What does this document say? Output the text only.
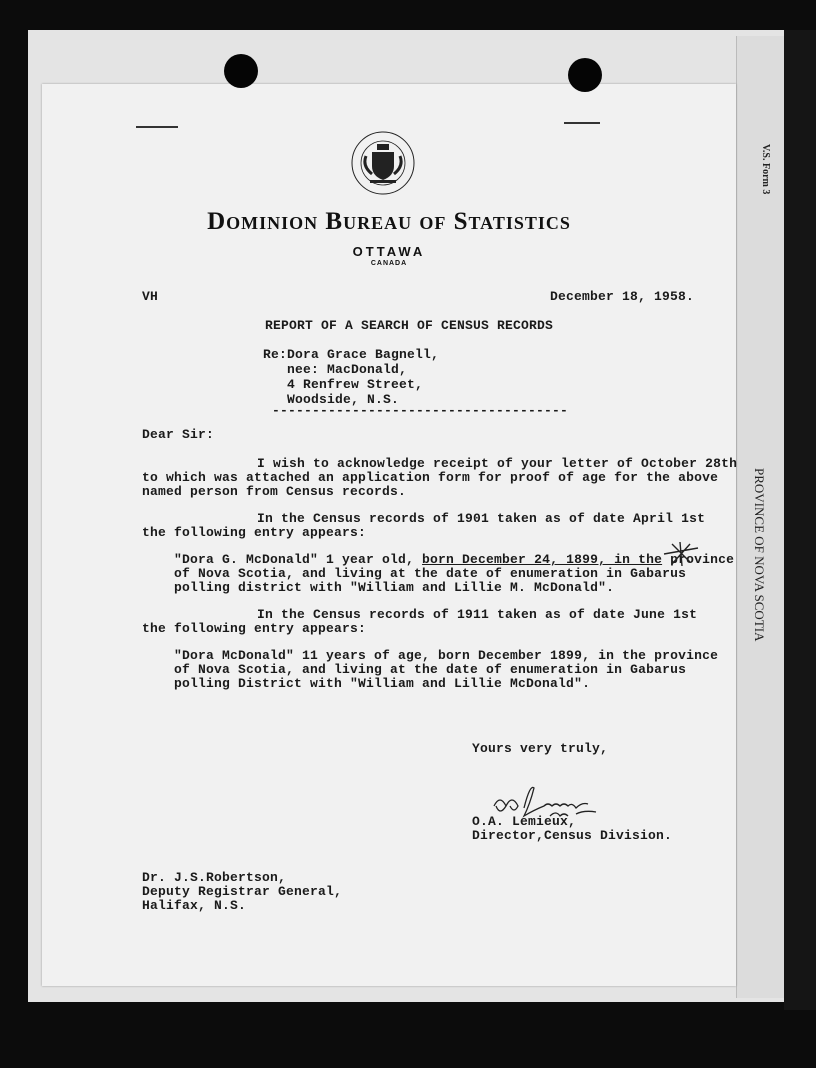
V.S. Form 3
PROVINCE OF NOVA SCOTIA
Dominion Bureau of Statistics
OTTAWA
CANADA
VH	December 18, 1958.
REPORT OF A SEARCH OF CENSUS RECORDS
Re: Dora Grace Bagnell,
nee: MacDonald,
4 Renfrew Street,
Woodside, N.S.
-------------------------------------
Dear Sir:
I wish to acknowledge receipt of your letter of October 28th
to which was attached an application form for proof of age for the above
named person from Census records.
In the Census records of 1901 taken as of date April 1st
the following entry appears:
"Dora G. McDonald" 1 year old, born December 24, 1899, in the province
of Nova Scotia, and living at the date of enumeration in Gabarus
polling district with "William and Lillie M. McDonald".
In the Census records of 1911 taken as of date June 1st
the following entry appears:
"Dora McDonald" 11 years of age, born December 1899, in the province
of Nova Scotia, and living at the date of enumeration in Gabarus
polling District with "William and Lillie McDonald".
Yours very truly,
O.A. Lemieux,
Director,Census Division.
Dr. J.S.Robertson,
Deputy Registrar General,
Halifax, N.S.
